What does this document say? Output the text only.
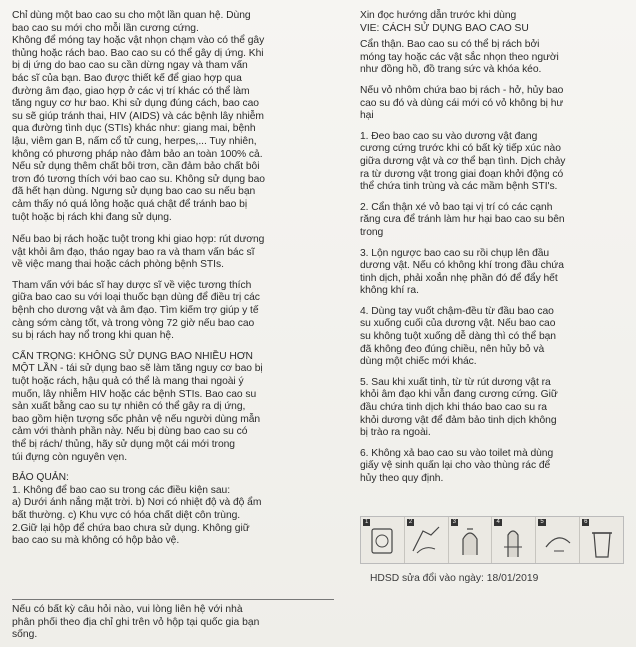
Chỉ dùng một bao cao su cho một lần quan hệ. Dùng
bao cao su mới cho mỗi lần cương cứng.
Không để móng tay hoặc vật nhọn chạm vào có thể gây
thủng hoặc rách bao. Bao cao su có thể gây dị ứng. Khi
bị dị ứng do bao cao su cần dừng ngay và tham vấn
bác sĩ của bạn. Bao được thiết kế để giao hợp qua
đường âm đạo, giao hợp ở các vị trí khác có thể làm
tăng nguy cơ hư bao. Khi sử dụng đúng cách, bao cao
su sẽ giúp tránh thai, HIV (AIDS) và các bệnh lây nhiễm
qua đường tình dục (STIs) khác như: giang mai, bệnh
lậu, viêm gan B, nấm cổ tử cung, herpes,... Tuy nhiên,
không có phương pháp nào đảm bảo an toàn 100% cả.
Nếu sử dụng thêm chất bôi trơn, cần đảm bảo chất bôi
trơn đó tương thích với bao cao su. Không sử dụng bao
đã hết hạn dùng. Ngưng sử dụng bao cao su nếu bạn
cảm thấy nó quá lỏng hoặc quá chật để tránh bao bị
tuột hoặc bị rách khi đang sử dụng.
Nếu bao bị rách hoặc tuột trong khi giao hợp: rút dương
vật khỏi âm đạo, tháo ngay bao ra và tham vấn bác sĩ
về việc mang thai hoặc cách phòng bệnh STIs.
Tham vấn với bác sĩ hay dược sĩ về việc tương thích
giữa bao cao su với loại thuốc bạn dùng để điều trị các
bệnh cho dương vật và âm đạo. Tìm kiếm trợ giúp y tế
càng sớm càng tốt, và trong vòng 72 giờ nếu bao cao
su bị rách hay nổ trong khi quan hệ.
CẨN TRỌNG: KHÔNG SỬ DỤNG BAO NHIỀU HƠN
MỘT LẦN - tái sử dụng bao sẽ làm tăng nguy cơ bao bị
tuột hoặc rách, hậu quả có thể là mang thai ngoài ý
muốn, lây nhiễm HIV hoặc các bệnh STIs. Bao cao su
sản xuất bằng cao su tự nhiên có thể gây ra dị ứng,
bao gồm hiện tượng sốc phản vệ nếu người dùng mẫn
cảm với thành phần này. Nếu bị dùng bao cao su có
thể bị rách/ thủng, hãy sử dụng một cái mới trong
túi đựng còn nguyên vẹn.
BẢO QUẢN:
1. Không để bao cao su trong các điều kiện sau:
a) Dưới ánh nắng mặt trời. b) Nơi có nhiệt độ và độ ẩm
bất thường. c) Khu vực có hóa chất diệt côn trùng.
2.Giữ lại hộp để chứa bao chưa sử dụng. Không giữ
bao cao su mà không có hộp bảo vệ.
Nếu có bất kỳ câu hỏi nào, vui lòng liên hệ với nhà
phân phối theo địa chỉ ghi trên vỏ hộp tại quốc gia bạn
sống.
Xin đọc hướng dẫn trước khi dùng
VIE: CÁCH SỬ DỤNG BAO CAO SU
Cẩn thận. Bao cao su có thể bị rách bởi
móng tay hoặc các vật sắc nhọn theo người
như đồng hồ, đồ trang sức và khóa kéo.
Nếu vỏ nhôm chứa bao bị rách - hở, hủy bao
cao su đó và dùng cái mới có vỏ không bị hư
hại
1. Đeo bao cao su vào dương vật đang
cương cứng trước khi có bất kỳ tiếp xúc nào
giữa dương vật và cơ thể bạn tình. Dịch chảy
ra từ dương vật trong giai đoạn khởi động có
thể chứa tinh trùng và các mầm bệnh STI's.
2. Cẩn thận xé vỏ bao tại vị trí có các cạnh
răng cưa để tránh làm hư hại bao cao su bên
trong
3. Lộn ngược bao cao su rồi chụp lên đầu
dương vật. Nếu có không khí trong đầu chứa
tinh dịch, phải xoắn nhẹ phần đó để đẩy hết
không khí ra.
4. Dùng tay vuốt chậm-đều từ đầu bao cao
su xuống cuối của dương vật. Nếu bao cao
su không tuột xuống dễ dàng thì có thể bạn
đã không đeo đúng chiều, nên hủy bỏ và
dùng một chiếc mới khác.
5. Sau khi xuất tinh, từ từ rút dương vật ra
khỏi âm đạo khi vẫn đang cương cứng. Giữ
đầu chứa tinh dịch khi tháo bao cao su ra
khỏi dương vật để đảm bảo tinh dịch không
bị trào ra ngoài.
6. Không xả bao cao su vào toilet mà dùng
giấy vệ sinh quấn lại cho vào thùng rác để
hủy theo quy định.
1	2	3	4	5	6
HDSD sửa đổi vào ngày: 18/01/2019
